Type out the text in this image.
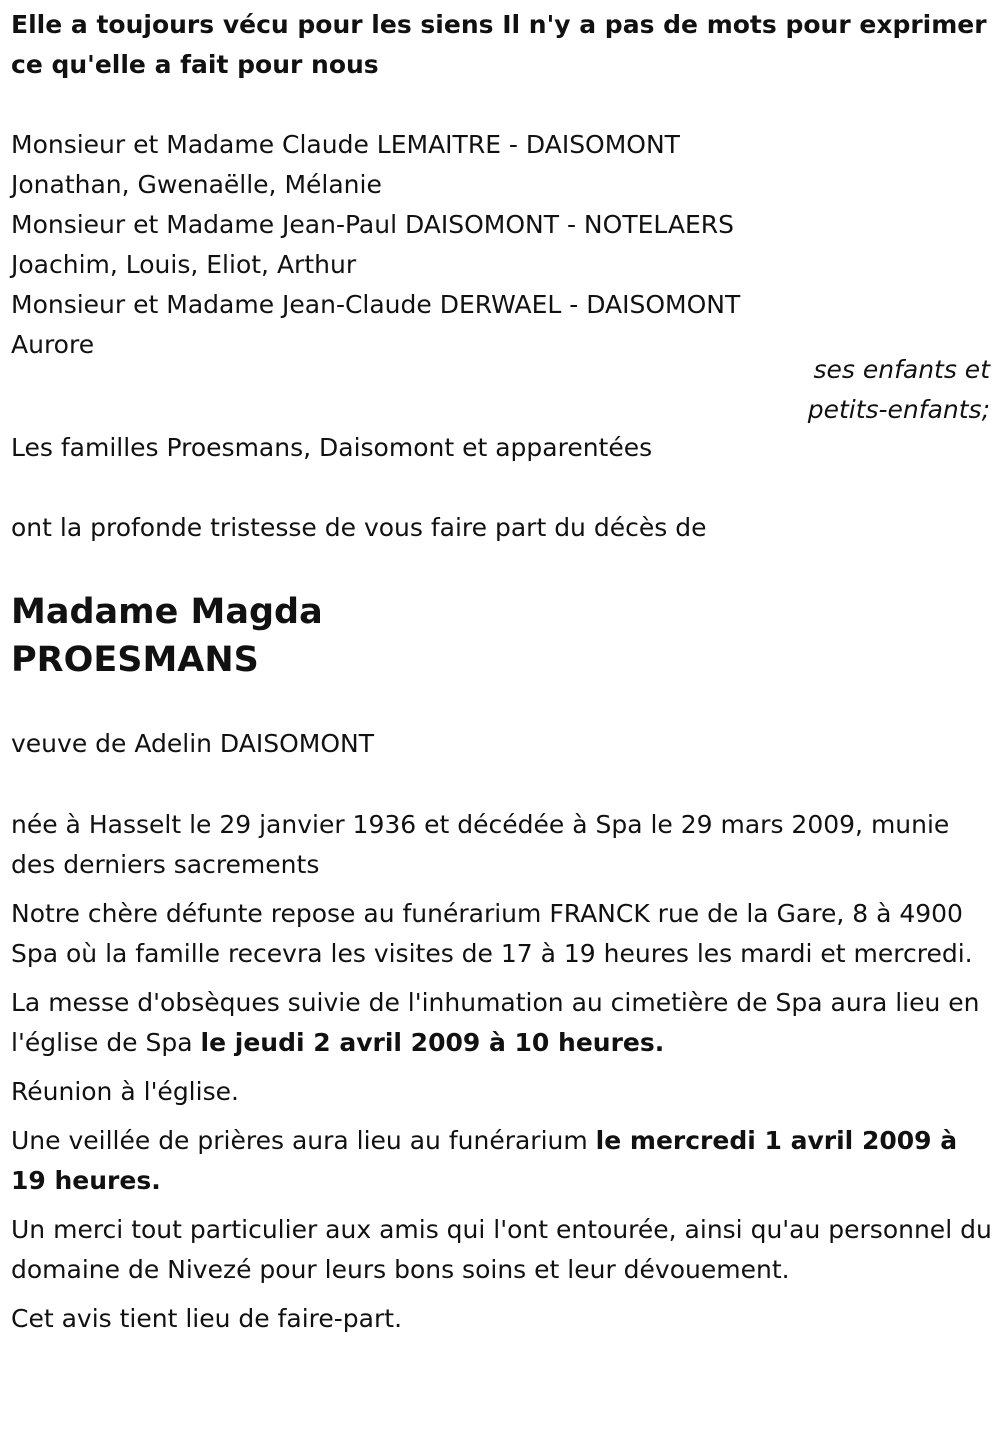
Elle a toujours vécu pour les siens Il n'y a pas de mots pour exprimer ce qu'elle a fait pour nous

Monsieur et Madame Claude LEMAITRE - DAISOMONT
Jonathan, Gwenaëlle, Mélanie
Monsieur et Madame Jean-Paul DAISOMONT - NOTELAERS
Joachim, Louis, Eliot, Arthur
Monsieur et Madame Jean-Claude DERWAEL - DAISOMONT
Aurore
ses enfants et
petits-enfants;

Les familles Proesmans, Daisomont et apparentées

ont la profonde tristesse de vous faire part du décès de

Madame Magda
PROESMANS

veuve de Adelin DAISOMONT

née à Hasselt le 29 janvier 1936 et décédée à Spa le 29 mars 2009, munie des derniers sacrements

Notre chère défunte repose au funérarium FRANCK rue de la Gare, 8 à 4900 Spa où la famille recevra les visites de 17 à 19 heures les mardi et mercredi.

La messe d'obsèques suivie de l'inhumation au cimetière de Spa aura lieu en l'église de Spa le jeudi 2 avril 2009 à 10 heures.

Réunion à l'église.

Une veillée de prières aura lieu au funérarium le mercredi 1 avril 2009 à 19 heures.

Un merci tout particulier aux amis qui l'ont entourée, ainsi qu'au personnel du domaine de Nivezé pour leurs bons soins et leur dévouement.

Cet avis tient lieu de faire-part.
